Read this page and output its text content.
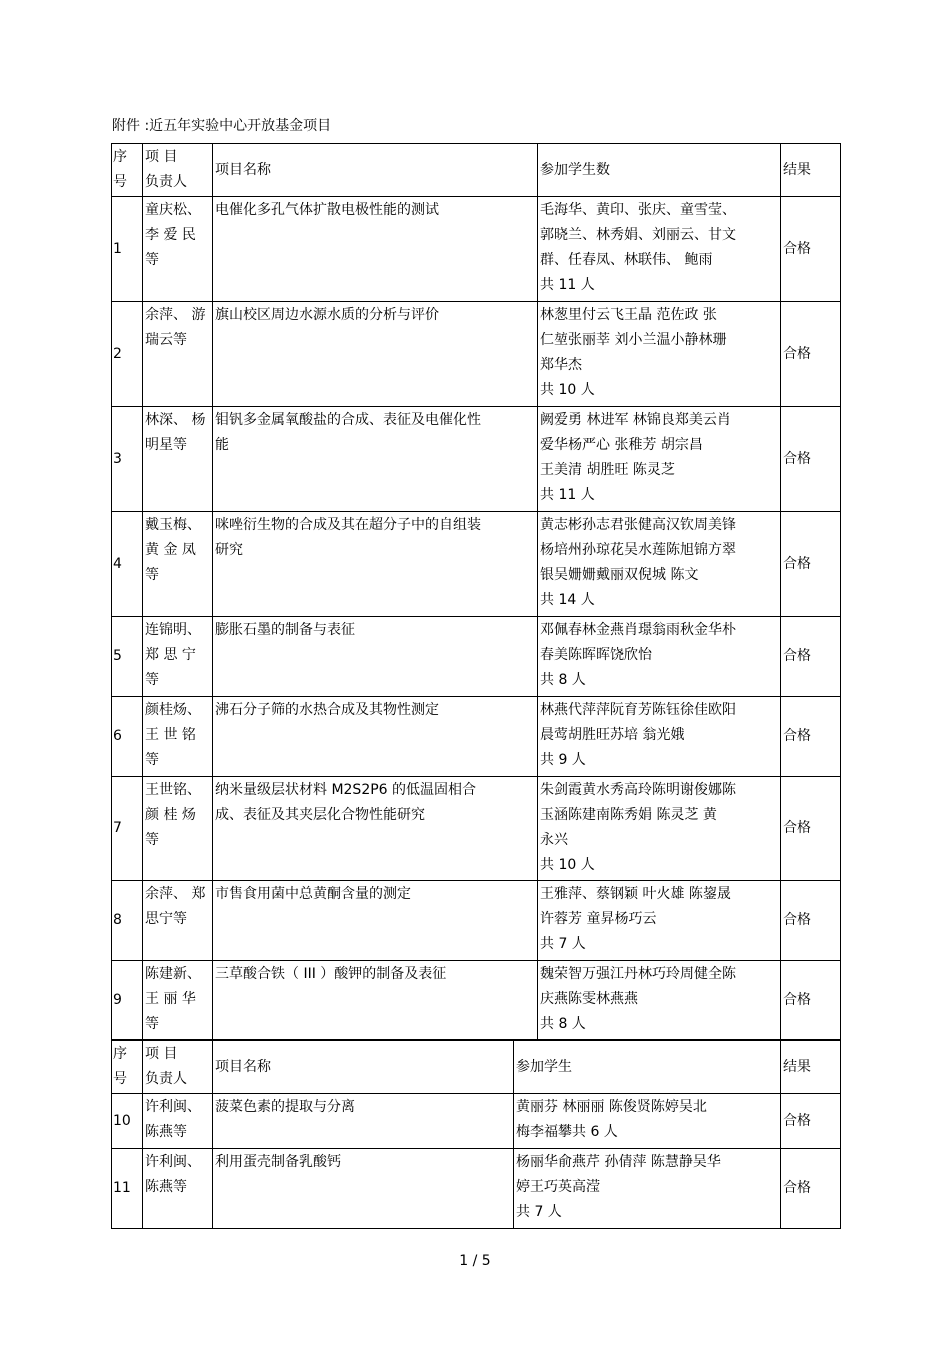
附件 :近五年实验中心开放基金项目
序
号	项 目
负责人	项目名称	参加学生数	结果
1	童庆松、
李 爱 民
等	电催化多孔气体扩散电极性能的测试	毛海华、黄印、张庆、童雪莹、
郭晓兰、林秀娟、刘丽云、甘文
群、任春凤、林联伟、 鲍雨
共 11 人	合格
2	余萍、 游
瑞云等	旗山校区周边水源水质的分析与评价	林葱里付云飞王晶 范佐政 张
仁堃张丽莘 刘小兰温小静林珊
郑华杰
共 10 人	合格
3	林深、 杨
明星等	钼钒多金属氧酸盐的合成、表征及电催化性
能	阙爱勇 林进军 林锦良郑美云肖
爱华杨严心 张稚芳 胡宗昌
王美清 胡胜旺 陈灵芝
共 11 人	合格
4	戴玉梅、
黄 金 凤
等	咪唑衍生物的合成及其在超分子中的自组装
研究	黄志彬孙志君张健高汉钦周美锋
杨培州孙琼花吴水莲陈旭锦方翠
银吴姗姗戴丽双倪城 陈文
共 14 人	合格
5	连锦明、
郑 思 宁
等	膨胀石墨的制备与表征	邓佩春林金燕肖璟翁雨秋金华朴
春美陈晖晖饶欣怡
共 8 人	合格
6	颜桂炀、
王 世 铭
等	沸石分子筛的水热合成及其物性测定	林燕代萍萍阮育芳陈钰徐佳欧阳
晨莺胡胜旺苏培 翁光娥
共 9 人	合格
7	王世铭、
颜 桂 炀
等	纳米量级层状材料 M2S2P6 的低温固相合
成、表征及其夹层化合物性能研究	朱剑霞黄水秀高玲陈明谢俊娜陈
玉涵陈建南陈秀娟 陈灵芝 黄
永兴
共 10 人	合格
8	余萍、 郑
思宁等	市售食用菌中总黄酮含量的测定	王雅萍、蔡钢颖 叶火雄 陈鋆晟
许蓉芳 童昇杨巧云
共 7 人	合格
9	陈建新、
王 丽 华
等	三草酸合铁（ III ）酸钾的制备及表征	魏荣智万强江丹林巧玲周健全陈
庆燕陈雯林燕燕
共 8 人	合格
序
号	项 目
负责人	项目名称	参加学生	结果
10	许利闽、
陈燕等	菠菜色素的提取与分离	黄丽芬 林丽丽 陈俊贤陈婷吴北
梅李福攀共 6 人	合格
11	许利闽、
陈燕等	利用蛋壳制备乳酸钙	杨丽华俞燕芹 孙倩萍 陈慧静吴华
婷王巧英高滢
共 7 人	合格
1 / 5
